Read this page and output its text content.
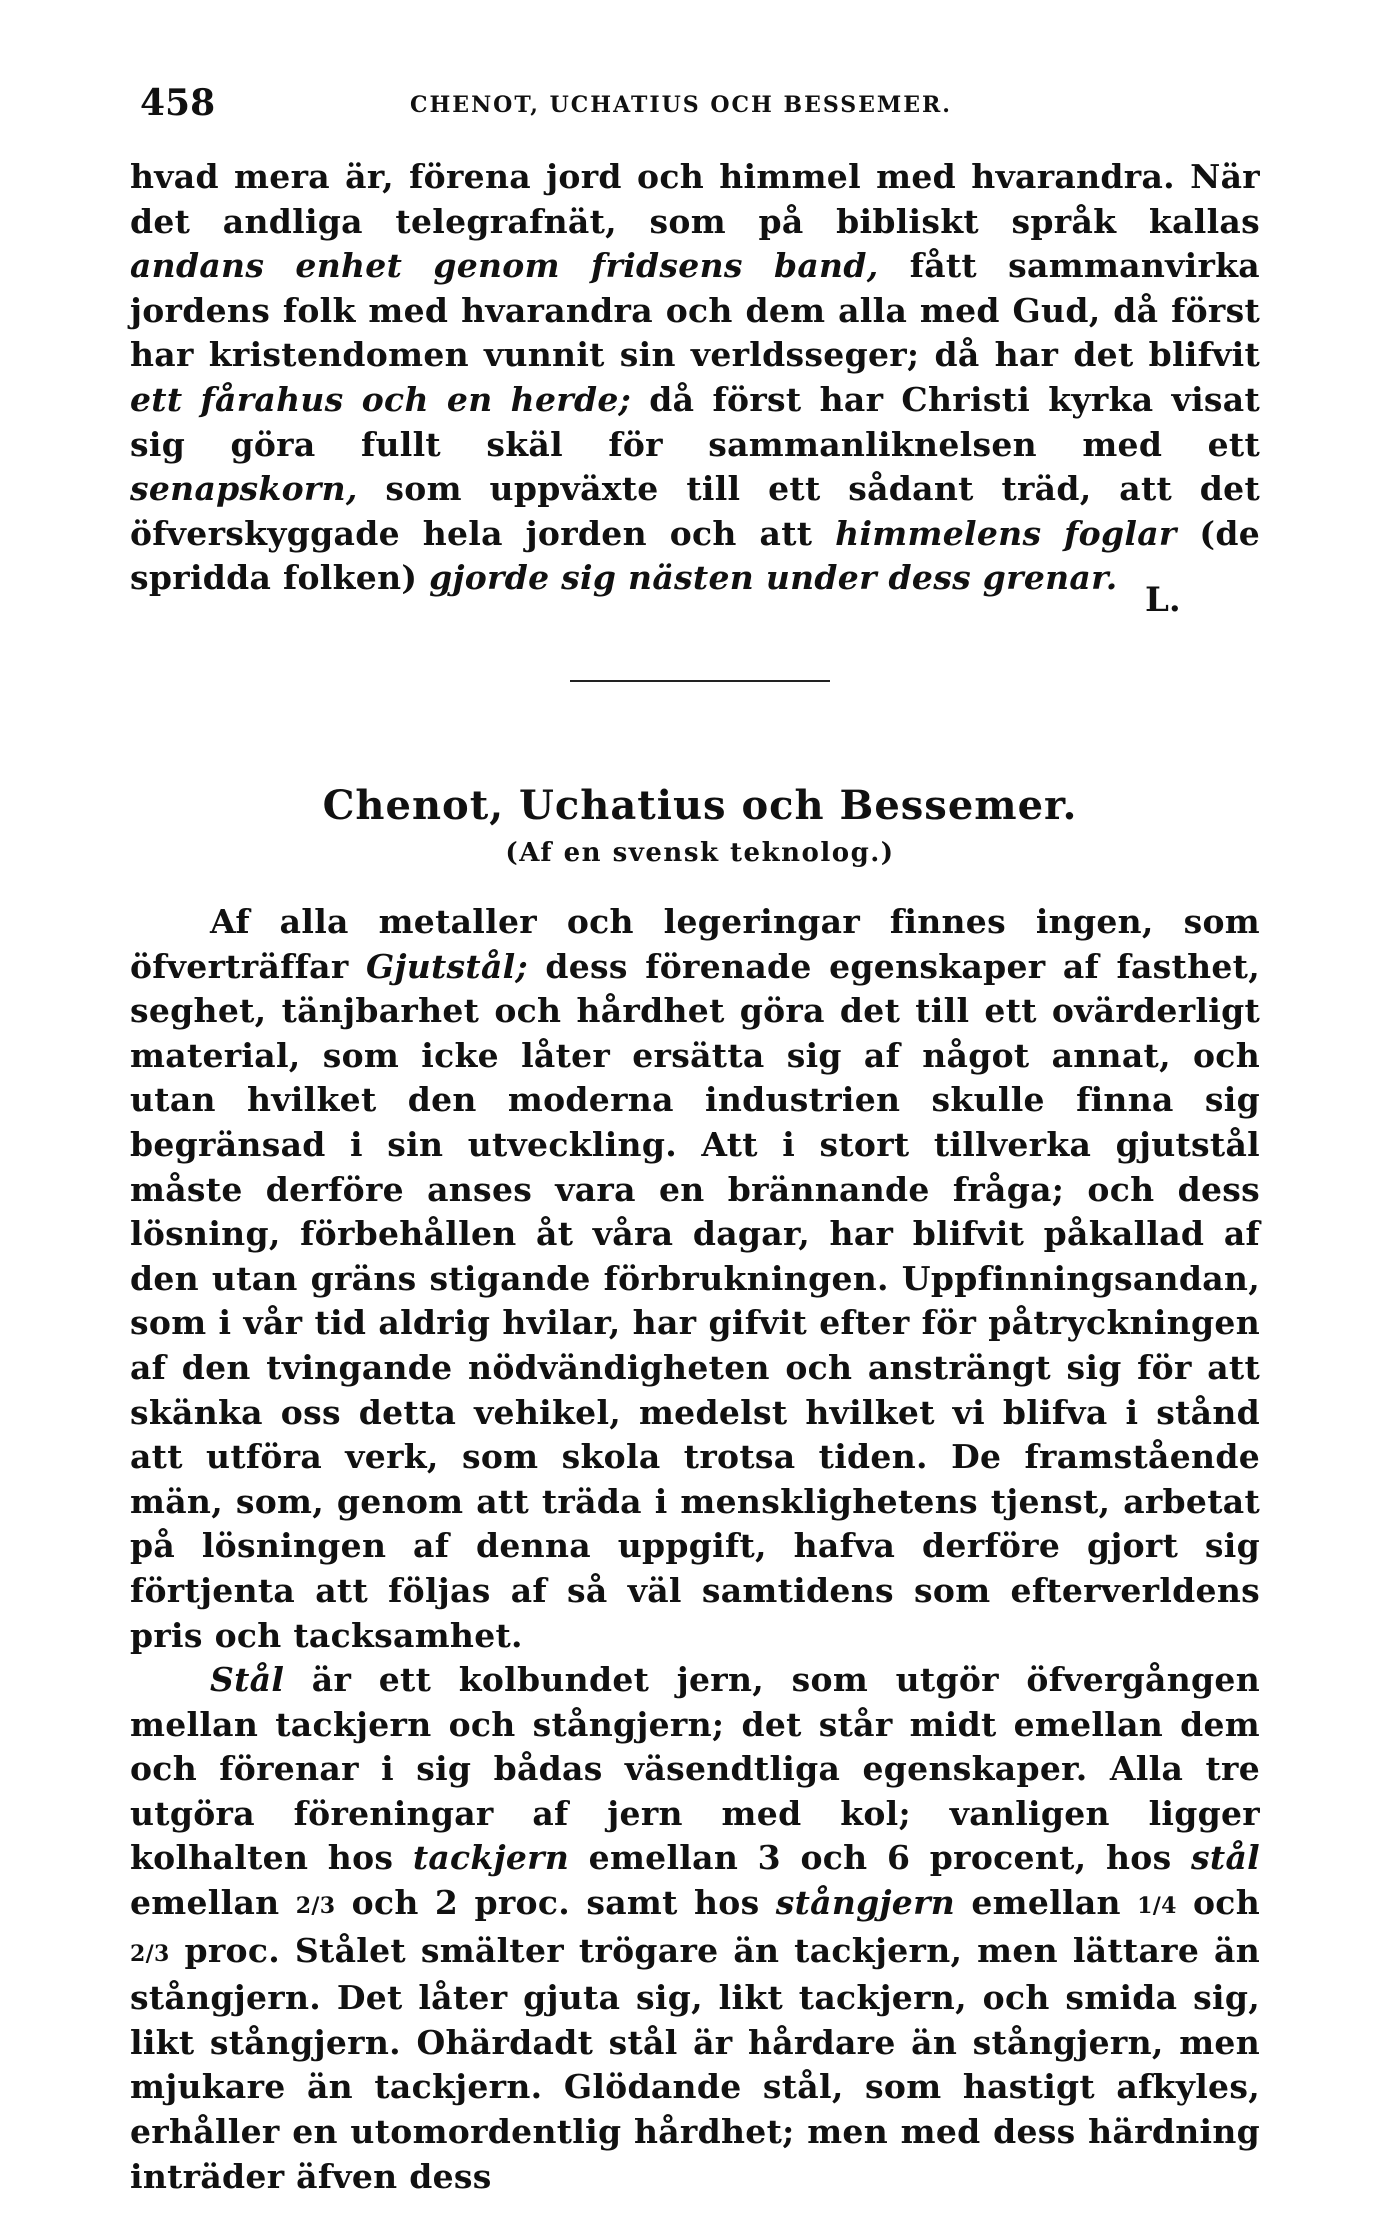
458	CHENOT, UCHATIUS OCH BESSEMER.

hvad mera är, förena jord och himmel med hvarandra. När det andliga telegrafnät, som på bibliskt språk kallas andans enhet genom fridsens band, fått sammanvirka jordens folk med hvarandra och dem alla med Gud, då först har kristendomen vunnit sin verldsseger; då har det blifvit ett fårahus och en herde; då först har Christi kyrka visat sig göra fullt skäl för sammanliknelsen med ett senapskorn, som uppväxte till ett sådant träd, att det öfverskyggade hela jorden och att himmelens foglar (de spridda folken) gjorde sig nästen under dess grenar.

L.
Chenot, Uchatius och Bessemer.
(Af en svensk teknolog.)

Af alla metaller och legeringar finnes ingen, som öfverträffar Gjutstål; dess förenade egenskaper af fasthet, seghet, tänjbarhet och hårdhet göra det till ett ovärderligt material, som icke låter ersätta sig af något annat, och utan hvilket den moderna industrien skulle finna sig begränsad i sin utveckling. Att i stort tillverka gjutstål måste derföre anses vara en brännande fråga; och dess lösning, förbehållen åt våra dagar, har blifvit påkallad af den utan gräns stigande förbrukningen. Uppfinningsandan, som i vår tid aldrig hvilar, har gifvit efter för påtryckningen af den tvingande nödvändigheten och ansträngt sig för att skänka oss detta vehikel, medelst hvilket vi blifva i stånd att utföra verk, som skola trotsa tiden. De framstående män, som, genom att träda i mensklighetens tjenst, arbetat på lösningen af denna uppgift, hafva derföre gjort sig förtjenta att följas af så väl samtidens som efterverldens pris och tacksamhet.

Stål är ett kolbundet jern, som utgör öfvergången mellan tackjern och stångjern; det står midt emellan dem och förenar i sig bådas väsendtliga egenskaper. Alla tre utgöra föreningar af jern med kol; vanligen ligger kolhalten hos tackjern emellan 3 och 6 procent, hos stål emellan 2/3 och 2 proc. samt hos stångjern emellan 1/4 och 2/3 proc. Stålet smälter trögare än tackjern, men lättare än stångjern. Det låter gjuta sig, likt tackjern, och smida sig, likt stångjern. Ohärdadt stål är hårdare än stångjern, men mjukare än tackjern. Glödande stål, som hastigt afkyles, erhåller en utomordentlig hårdhet; men med dess härdning inträder äfven dess
